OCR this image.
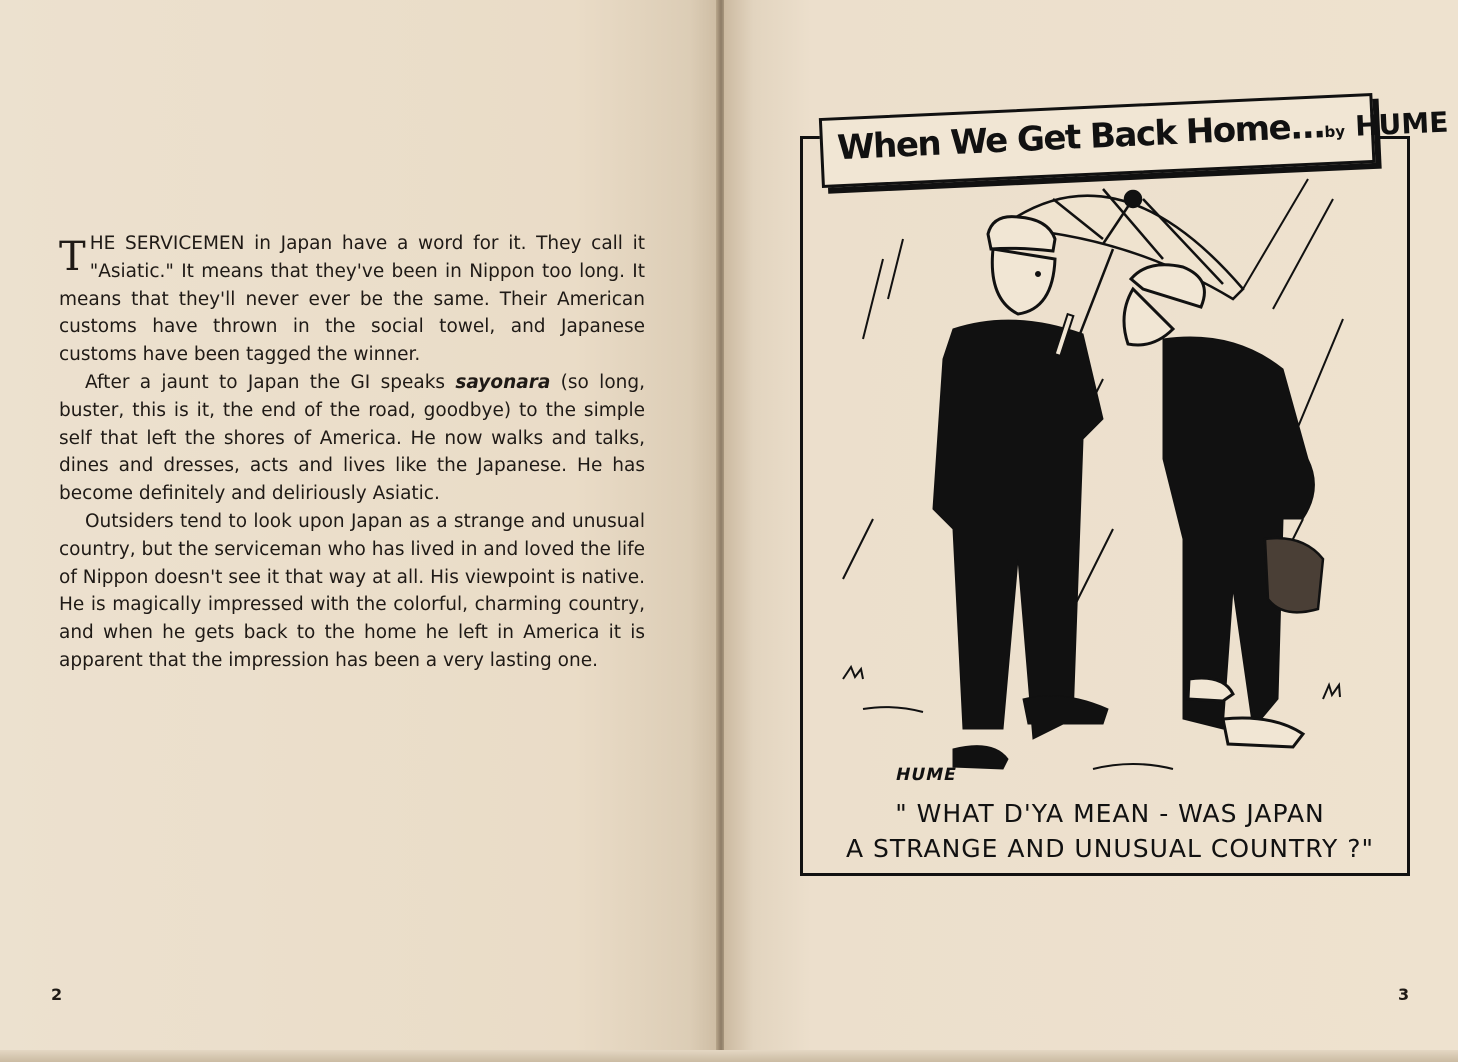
THE SERVICEMEN in Japan have a word for it. They call it "Asiatic." It means that they've been in Nippon too long. It means that they'll never ever be the same. Their American customs have thrown in the social towel, and Japanese customs have been tagged the winner.

After a jaunt to Japan the GI speaks sayonara (so long, buster, this is it, the end of the road, goodbye) to the simple self that left the shores of America. He now walks and talks, dines and dresses, acts and lives like the Japanese. He has become definitely and deliriously Asiatic.

Outsiders tend to look upon Japan as a strange and unusual country, but the serviceman who has lived in and loved the life of Nippon doesn't see it that way at all. His viewpoint is native. He is magically impressed with the colorful, charming country, and when he gets back to the home he left in America it is apparent that the impression has been a very lasting one.

2
When We Get Back Home...by HUME
HUME
" WHAT D'YA MEAN - WAS JAPAN
A STRANGE AND UNUSUAL COUNTRY ?"
3
